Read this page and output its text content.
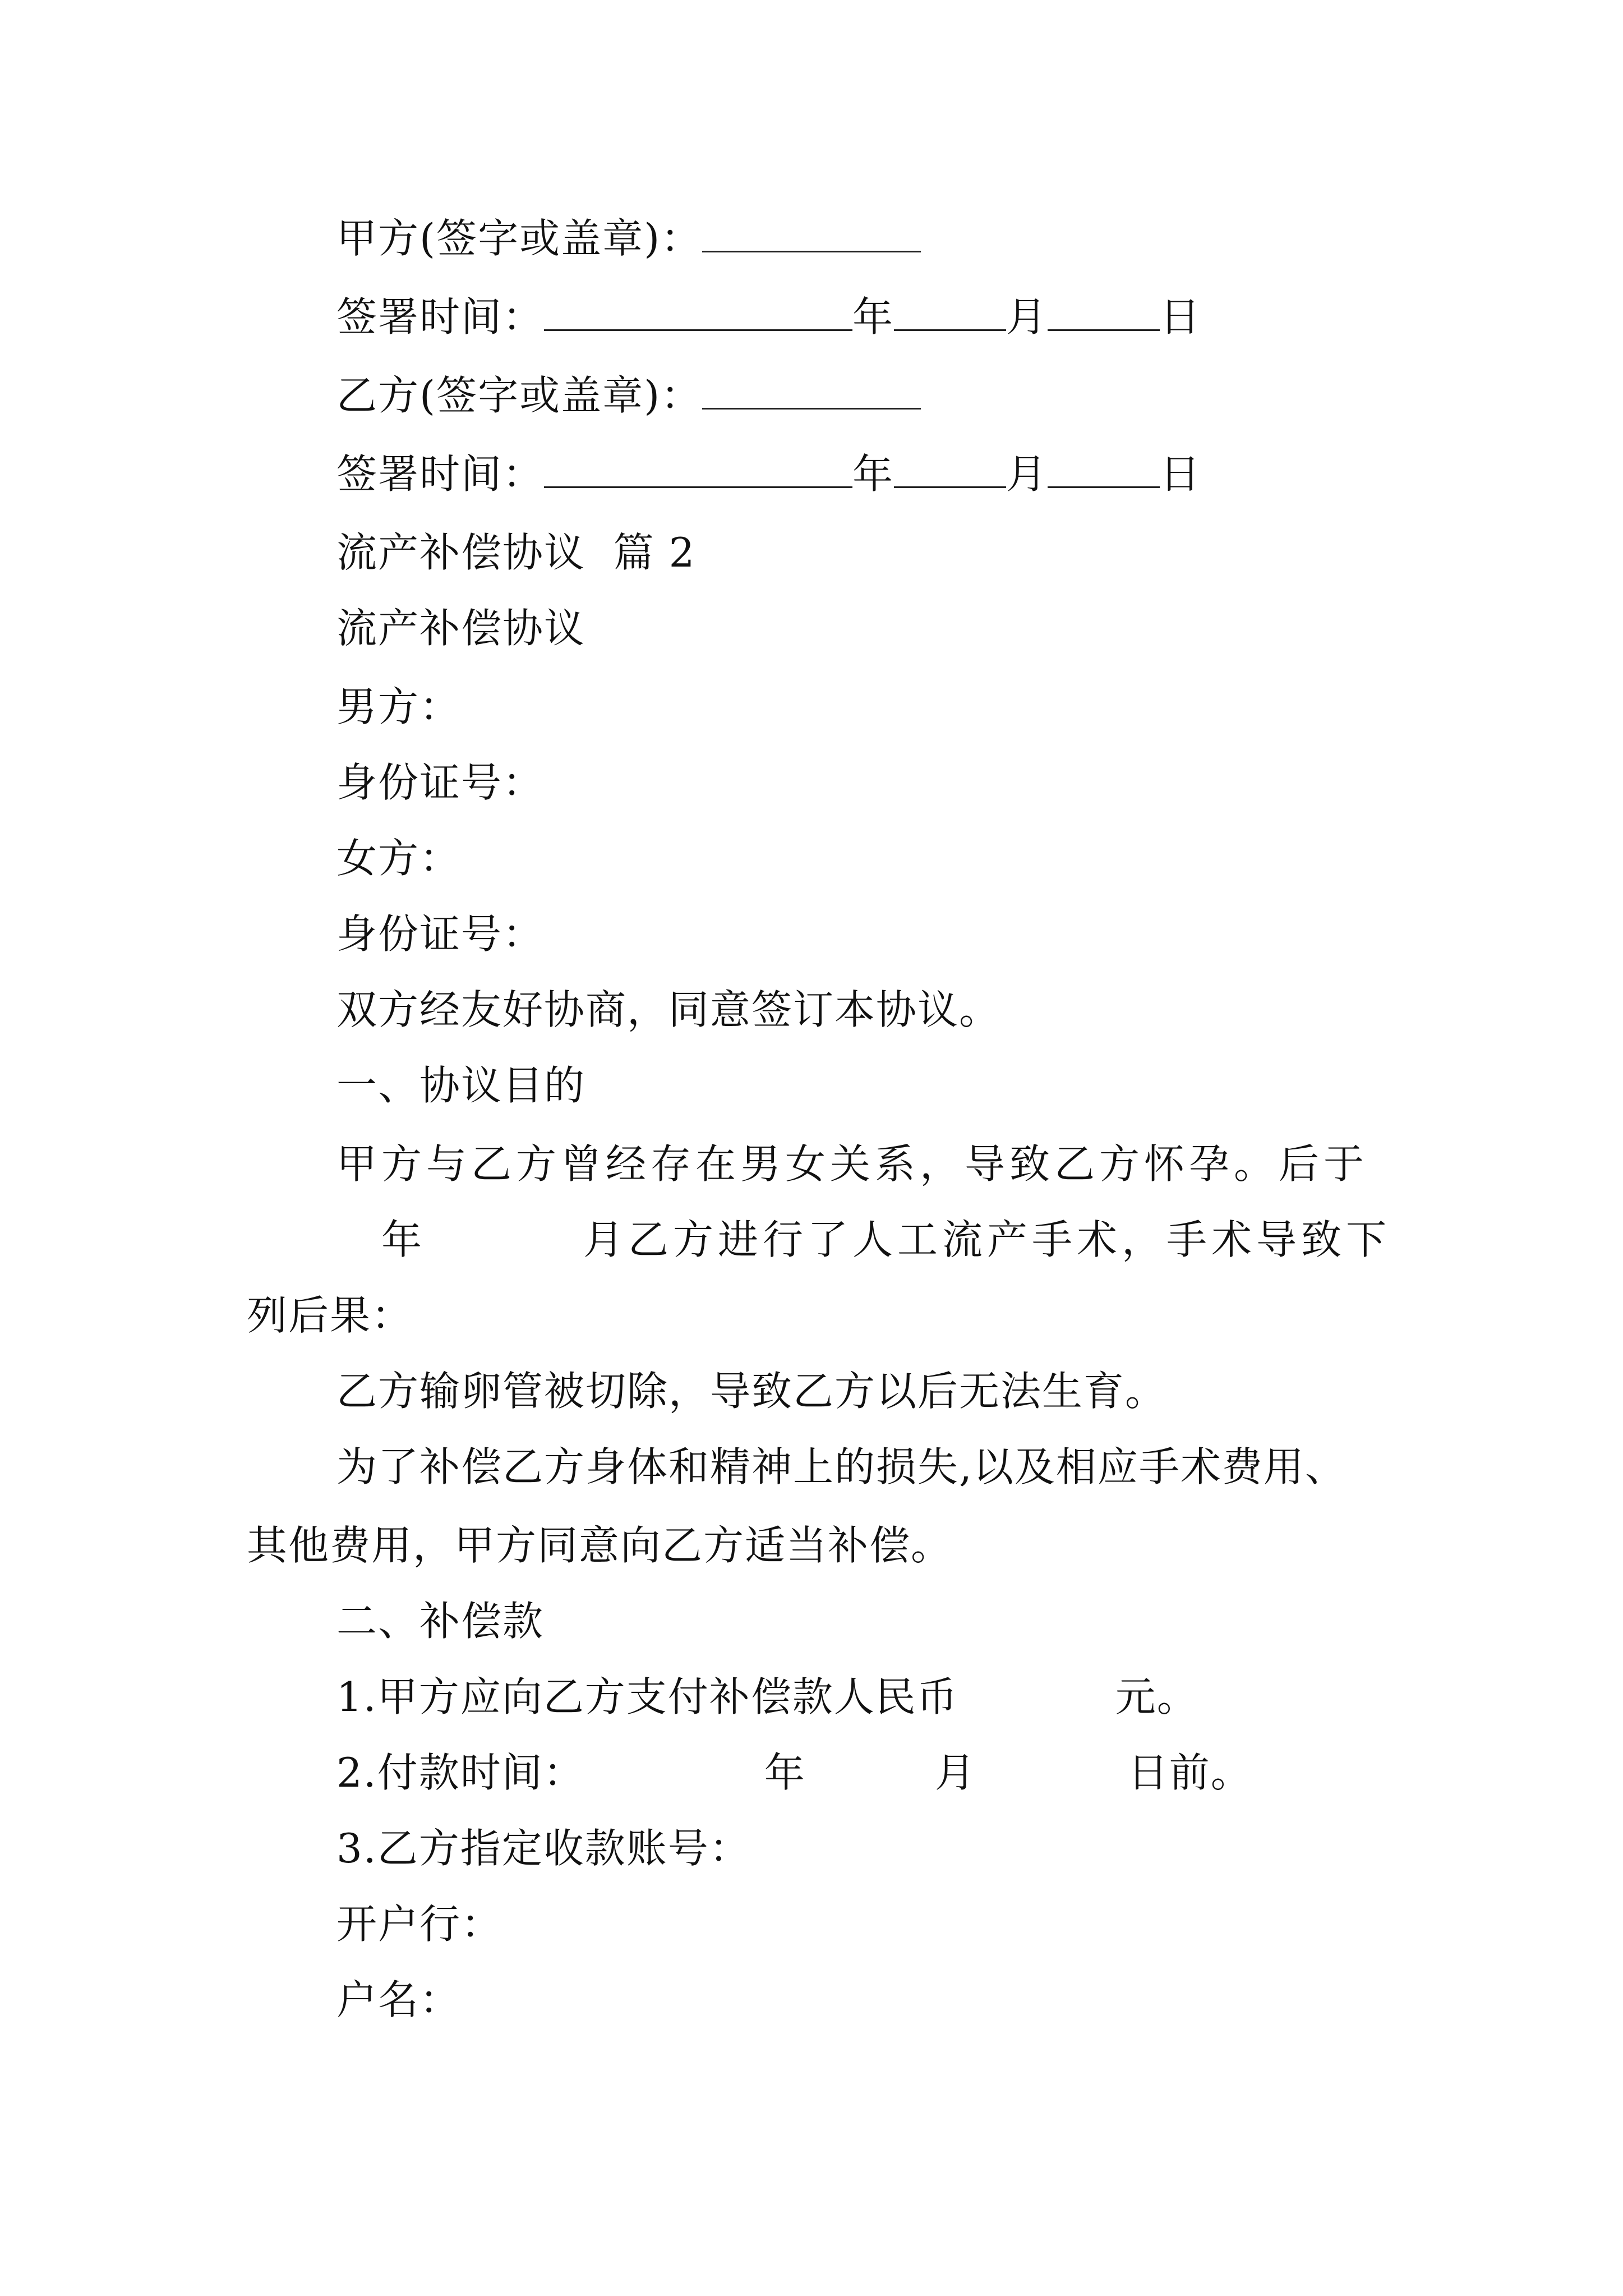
甲方(签字或盖章)：
签署时间：	年	月	日
乙方(签字或盖章)：
签署时间：	年	月	日
流产补偿协议  篇 2
流产补偿协议
男方：
身份证号：
女方：
身份证号：
双方经友好协商，同意签订本协议。
一、协议目的
甲方与乙方曾经存在男女关系，导致乙方怀孕。后于
年	月乙方进行了人工流产手术，手术导致下
列后果：
乙方输卵管被切除，导致乙方以后无法生育。
为了补偿乙方身体和精神上的损失,以及相应手术费用、
其他费用，甲方同意向乙方适当补偿。
二、补偿款
1.甲方应向乙方支付补偿款人民币	元。
2.付款时间：	年	月	日前。
3.乙方指定收款账号：
开户行：
户名：
